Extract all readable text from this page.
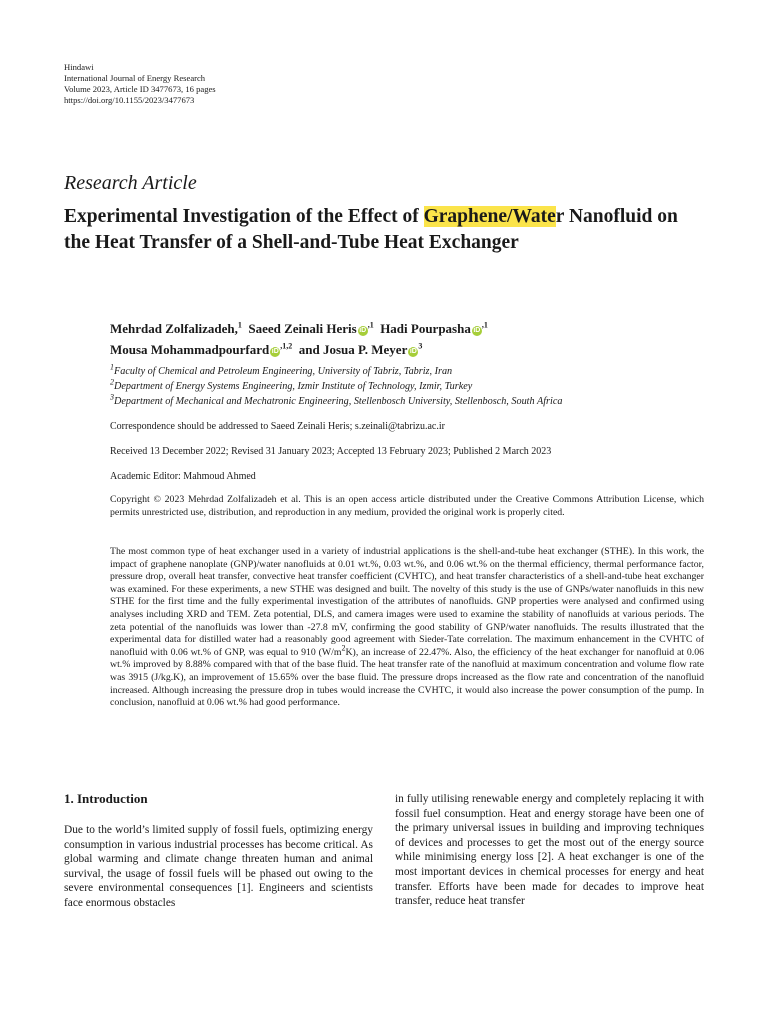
Hindawi
International Journal of Energy Research
Volume 2023, Article ID 3477673, 16 pages
https://doi.org/10.1155/2023/3477673
Research Article
Experimental Investigation of the Effect of Graphene/Water Nanofluid on the Heat Transfer of a Shell-and-Tube Heat Exchanger
Mehrdad Zolfalizadeh,$^1$ Saeed Zeinali Heris $iD^{,1}$ Hadi Pourpasha $iD^{,1}$
Mousa Mohammadpourfard $iD^{,1,2}$ and Josua P. Meyer $iD^3$
$^1$Faculty of Chemical and Petroleum Engineering, University of Tabriz, Tabriz, Iran
$^2$Department of Energy Systems Engineering, Izmir Institute of Technology, Izmir, Turkey
$^3$Department of Mechanical and Mechatronic Engineering, Stellenbosch University, Stellenbosch, South Africa
Correspondence should be addressed to Saeed Zeinali Heris; s.zeinali@tabrizu.ac.ir
Received 13 December 2022; Revised 31 January 2023; Accepted 13 February 2023; Published 2 March 2023
Academic Editor: Mahmoud Ahmed
Copyright © 2023 Mehrdad Zolfalizadeh et al. This is an open access article distributed under the Creative Commons Attribution License, which permits unrestricted use, distribution, and reproduction in any medium, provided the original work is properly cited.
The most common type of heat exchanger used in a variety of industrial applications is the shell-and-tube heat exchanger (STHE). In this work, the impact of graphene nanoplate (GNP)/water nanofluids at 0.01 wt.%, 0.03 wt.%, and 0.06 wt.% on the thermal efficiency, thermal performance factor, pressure drop, overall heat transfer, convective heat transfer coefficient (CVHTC), and heat transfer characteristics of a shell-and-tube heat exchanger was examined. For these experiments, a new STHE was designed and built. The novelty of this study is the use of GNPs/water nanofluids in this new STHE for the first time and the fully experimental investigation of the attributes of nanofluids. GNP properties were analysed and confirmed using analyses including XRD and TEM. Zeta potential, DLS, and camera images were used to examine the stability of nanofluids at various periods. The zeta potential of the nanofluids was lower than -27.8 mV, confirming the good stability of GNP/water nanofluids. The results illustrated that the experimental data for distilled water had a reasonably good agreement with Sieder-Tate correlation. The maximum enhancement in the CVHTC of nanofluid with 0.06 wt.% of GNP, was equal to 910 $(W/m^2K)$, an increase of 22.47%. Also, the efficiency of the heat exchanger for nanofluid at 0.06 wt.% improved by 8.88% compared with that of the base fluid. The heat transfer rate of the nanofluid at maximum concentration and volume flow rate was 3915 (J/kg.K), an improvement of 15.65% over the base fluid. The pressure drops increased as the flow rate and concentration of the nanofluid increased. Although increasing the pressure drop in tubes would increase the CVHTC, it would also increase the power consumption of the pump. In conclusion, nanofluid at 0.06 wt.% had good performance.
1. Introduction
Due to the world’s limited supply of fossil fuels, optimizing energy consumption in various industrial processes has become critical. As global warming and climate change threaten human and animal survival, the usage of fossil fuels will be phased out owing to the severe environmental consequences [1]. Engineers and scientists face enormous obstacles
in fully utilising renewable energy and completely replacing it with fossil fuel consumption. Heat and energy storage have been one of the primary universal issues in building and improving techniques of devices and processes to get the most out of the energy source while minimising energy loss [2]. A heat exchanger is one of the most important devices in chemical processes for energy and heat transfer. Efforts have been made for decades to improve heat transfer, reduce heat transfer
